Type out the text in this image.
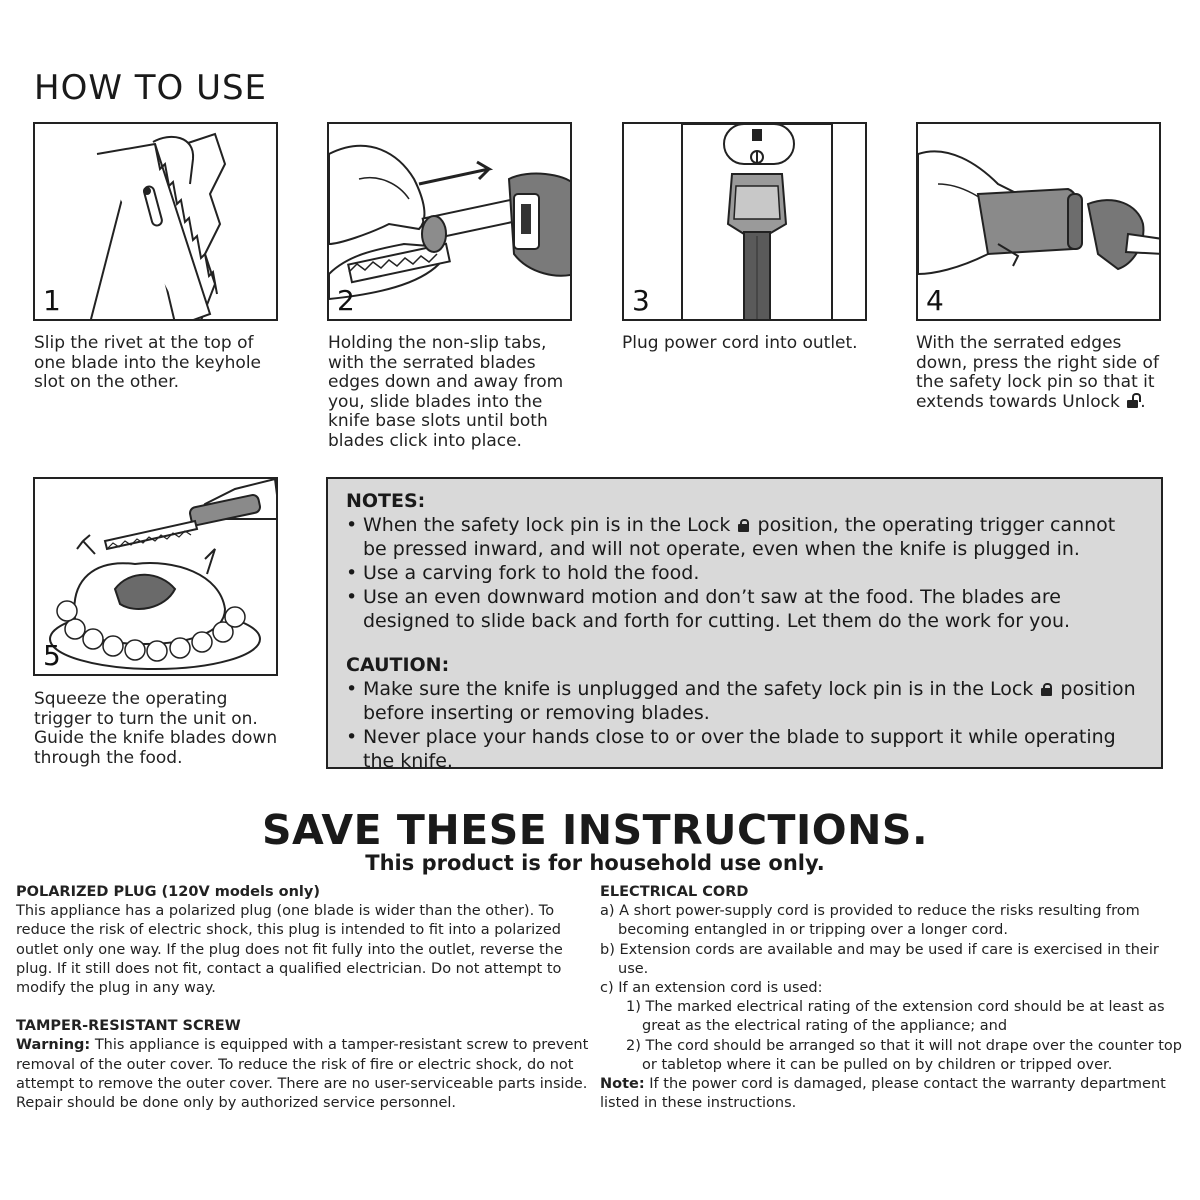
HOW TO USE
1
Slip the rivet at the top of one blade into the keyhole slot on the other.
2
Holding the non-slip tabs, with the serrated blades edges down and away from you, slide blades into the knife base slots until both blades click into place.
3
Plug power cord into outlet.
4
With the serrated edges down, press the right side of the safety lock pin so that it extends towards Unlock .
5
Squeeze the operating trigger to turn the unit on. Guide the knife blades down through the food.
NOTES:
• When the safety lock pin is in the Lock position, the operating trigger cannot be pressed inward, and will not operate, even when the knife is plugged in.
• Use a carving fork to hold the food.
• Use an even downward motion and don’t saw at the food. The blades are designed to slide back and forth for cutting. Let them do the work for you.
CAUTION:
• Make sure the knife is unplugged and the safety lock pin is in the Lock position before inserting or removing blades.
• Never place your hands close to or over the blade to support it while operating the knife.
SAVE THESE INSTRUCTIONS.
This product is for household use only.
POLARIZED PLUG (120V models only)

This appliance has a polarized plug (one blade is wider than the other). To reduce the risk of electric shock, this plug is intended to fit into a polarized outlet only one way. If the plug does not fit fully into the outlet, reverse the plug. If it still does not fit, contact a qualified electrician. Do not attempt to modify the plug in any way.

TAMPER-RESISTANT SCREW

Warning: This appliance is equipped with a tamper-resistant screw to prevent removal of the outer cover. To reduce the risk of fire or electric shock, do not attempt to remove the outer cover. There are no user-serviceable parts inside. Repair should be done only by authorized service personnel.

ELECTRICAL CORD

a) A short power-supply cord is provided to reduce the risks resulting from becoming entangled in or tripping over a longer cord.

b) Extension cords are available and may be used if care is exercised in their use.

c) If an extension cord is used:

1) The marked electrical rating of the extension cord should be at least as great as the electrical rating of the appliance; and

2) The cord should be arranged so that it will not drape over the counter top or tabletop where it can be pulled on by children or tripped over.

Note: If the power cord is damaged, please contact the warranty department listed in these instructions.
